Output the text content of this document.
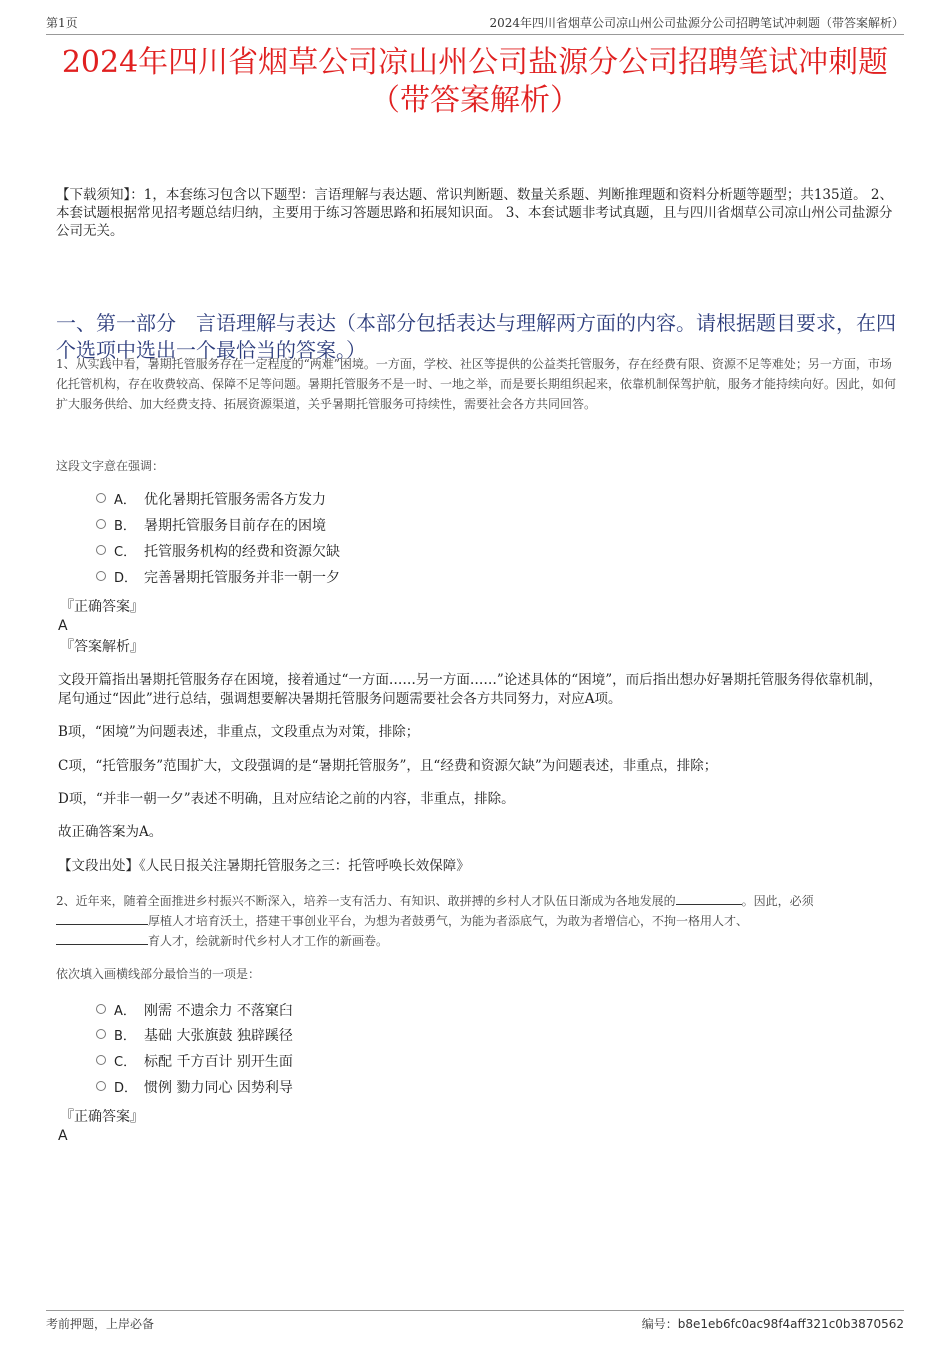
第1页	2024年四川省烟草公司凉山州公司盐源分公司招聘笔试冲刺题（带答案解析）
2024年四川省烟草公司凉山州公司盐源分公司招聘笔试冲刺题
（带答案解析）
【下载须知】：1，本套练习包含以下题型：言语理解与表达题、常识判断题、数量关系题、判断推理题和资料分析题等题型；共135道。 2、本套试题根据常见招考题总结归纳，主要用于练习答题思路和拓展知识面。 3、本套试题非考试真题，且与四川省烟草公司凉山州公司盐源分公司无关。
一、第一部分　言语理解与表达（本部分包括表达与理解两方面的内容。请根据题目要求，在四个选项中选出一个最恰当的答案。）
1、从实践中看，暑期托管服务存在一定程度的“两难”困境。一方面，学校、社区等提供的公益类托管服务，存在经费有限、资源不足等难处；另一方面，市场化托管机构，存在收费较高、保障不足等问题。暑期托管服务不是一时、一地之举，而是要长期组织起来，依靠机制保驾护航，服务才能持续向好。因此，如何扩大服务供给、加大经费支持、拓展资源渠道，关乎暑期托管服务可持续性，需要社会各方共同回答。
这段文字意在强调：
A． 优化暑期托管服务需各方发力
B． 暑期托管服务目前存在的困境
C． 托管服务机构的经费和资源欠缺
D． 完善暑期托管服务并非一朝一夕
『正确答案』
A
『答案解析』
文段开篇指出暑期托管服务存在困境，接着通过“一方面……另一方面……”论述具体的“困境”，而后指出想办好暑期托管服务得依靠机制，尾句通过“因此”进行总结，强调想要解决暑期托管服务问题需要社会各方共同努力，对应A项。
B项，“困境”为问题表述，非重点，文段重点为对策，排除；
C项，“托管服务”范围扩大，文段强调的是“暑期托管服务”，且“经费和资源欠缺”为问题表述，非重点，排除；
D项，“并非一朝一夕”表述不明确，且对应结论之前的内容，非重点，排除。
故正确答案为A。
【文段出处】《人民日报关注暑期托管服务之三：托管呼唤长效保障》
2、近年来，随着全面推进乡村振兴不断深入，培养一支有活力、有知识、敢拼搏的乡村人才队伍日渐成为各地发展的	。因此，必须
厚植人才培育沃土，搭建干事创业平台，为想为者鼓勇气，为能为者添底气，为敢为者增信心，不拘一格用人才、
育人才，绘就新时代乡村人才工作的新画卷。
依次填入画横线部分最恰当的一项是：
A． 刚需 不遗余力 不落窠臼
B． 基础 大张旗鼓 独辟蹊径
C． 标配 千方百计 别开生面
D． 惯例 勠力同心 因势利导
『正确答案』
A
考前押题，上岸必备	编号：b8e1eb6fc0ac98f4aff321c0b3870562
